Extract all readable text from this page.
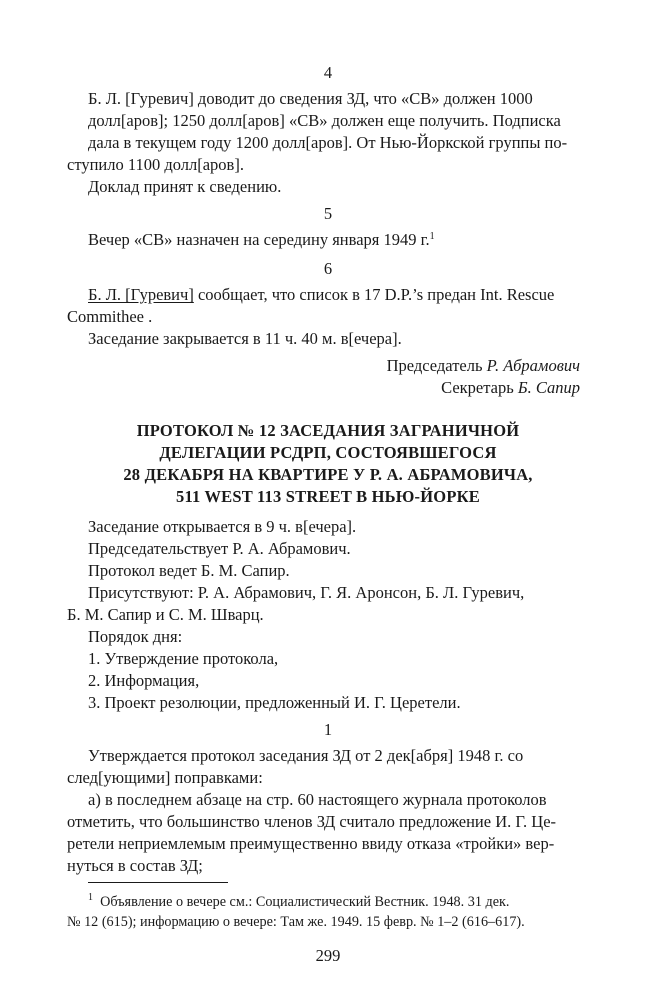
4
Б. Л. [Гуревич] доводит до сведения ЗД, что «СВ» должен 1000
долл[аров]; 1250 долл[аров] «СВ» должен еще получить. Подписка
дала в текущем году 1200 долл[аров]. От Нью-Йоркской группы по-
ступило 1100 долл[аров].
Доклад принят к сведению.
5
Вечер «СВ» назначен на середину января 1949 г.$^1$
6
Б. Л. [Гуревич] сообщает, что список в 17 D.P.’s предан Int. Rescue
Commithee .
Заседание закрывается в 11 ч. 40 м. в[ечера].
Председатель Р. Абрамович
Секретарь Б. Сапир
ПРОТОКОЛ № 12 ЗАСЕДАНИЯ ЗАГРАНИЧНОЙ
ДЕЛЕГАЦИИ РСДРП, СОСТОЯВШЕГОСЯ
28 ДЕКАБРЯ НА КВАРТИРЕ У Р. А. АБРАМОВИЧА,
511 WEST 113 STREET В НЬЮ-ЙОРКЕ
Заседание открывается в 9 ч. в[ечера].
Председательствует Р. А. Абрамович.
Протокол ведет Б. М. Сапир.
Присутствуют: Р. А. Абрамович, Г. Я. Аронсон, Б. Л. Гуревич,
Б. М. Сапир и С. М. Шварц.
Порядок дня:
1. Утверждение протокола,
2. Информация,
3. Проект резолюции, предложенный И. Г. Церетели.
1
Утверждается протокол заседания ЗД от 2 дек[абря] 1948 г. со
след[ующими] поправками:
а) в последнем абзаце на стр. 60 настоящего журнала протоколов
отметить, что большинство членов ЗД считало предложение И. Г. Це-
ретели неприемлемым преимущественно ввиду отказа «тройки» вер-
нуться в состав ЗД;
$^1$ Объявление о вечере см.: Социалистический Вестник. 1948. 31 дек.
№ 12 (615); информацию о вечере: Там же. 1949. 15 февр. № 1–2 (616–617).
299
